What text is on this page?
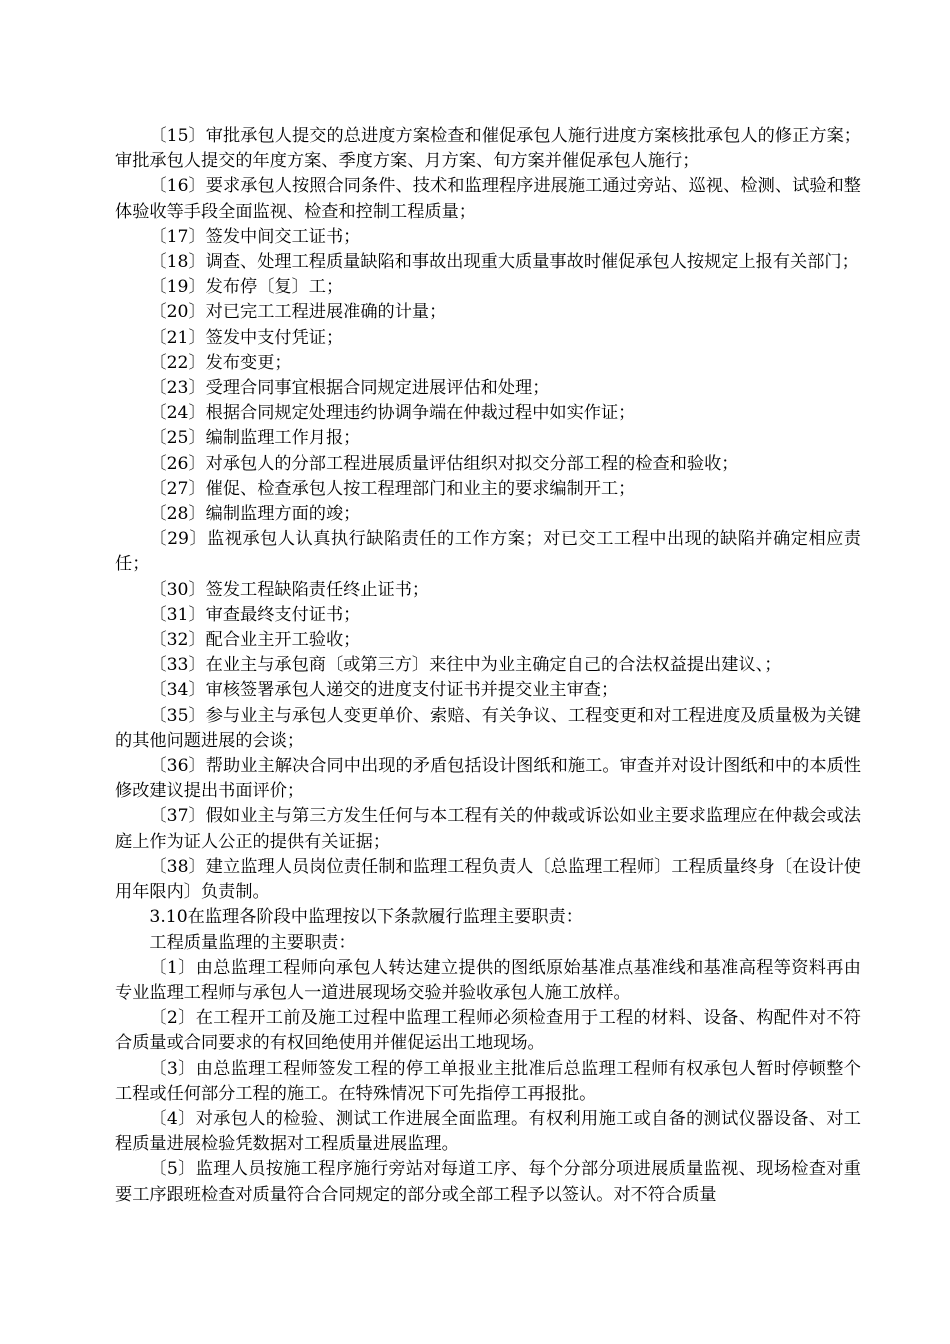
〔15〕审批承包人提交的总进度方案检查和催促承包人施行进度方案核批承包人的修正方案；审批承包人提交的年度方案、季度方案、月方案、旬方案并催促承包人施行；

〔16〕要求承包人按照合同条件、技术和监理程序进展施工通过旁站、巡视、检测、试验和整体验收等手段全面监视、检查和控制工程质量；

〔17〕签发中间交工证书；

〔18〕调查、处理工程质量缺陷和事故出现重大质量事故时催促承包人按规定上报有关部门；

〔19〕发布停〔复〕工；

〔20〕对已完工工程进展准确的计量；

〔21〕签发中支付凭证；

〔22〕发布变更；

〔23〕受理合同事宜根据合同规定进展评估和处理；

〔24〕根据合同规定处理违约协调争端在仲裁过程中如实作证；

〔25〕编制监理工作月报；

〔26〕对承包人的分部工程进展质量评估组织对拟交分部工程的检查和验收；

〔27〕催促、检查承包人按工程理部门和业主的要求编制开工；

〔28〕编制监理方面的竣；

〔29〕监视承包人认真执行缺陷责任的工作方案；对已交工工程中出现的缺陷并确定相应责任；

〔30〕签发工程缺陷责任终止证书；

〔31〕审查最终支付证书；

〔32〕配合业主开工验收；

〔33〕在业主与承包商〔或第三方〕来往中为业主确定自己的合法权益提出建议、；

〔34〕审核签署承包人递交的进度支付证书并提交业主审查；

〔35〕参与业主与承包人变更单价、索赔、有关争议、工程变更和对工程进度及质量极为关键的其他问题进展的会谈；

〔36〕帮助业主解决合同中出现的矛盾包括设计图纸和施工。审查并对设计图纸和中的本质性修改建议提出书面评价；

〔37〕假如业主与第三方发生任何与本工程有关的仲裁或诉讼如业主要求监理应在仲裁会或法庭上作为证人公正的提供有关证据；

〔38〕建立监理人员岗位责任制和监理工程负责人〔总监理工程师〕工程质量终身〔在设计使用年限内〕负责制。

3.10在监理各阶段中监理按以下条款履行监理主要职责：

工程质量监理的主要职责：

〔1〕由总监理工程师向承包人转达建立提供的图纸原始基准点基准线和基准高程等资料再由专业监理工程师与承包人一道进展现场交验并验收承包人施工放样。

〔2〕在工程开工前及施工过程中监理工程师必须检查用于工程的材料、设备、构配件对不符合质量或合同要求的有权回绝使用并催促运出工地现场。

〔3〕由总监理工程师签发工程的停工单报业主批准后总监理工程师有权承包人暂时停顿整个工程或任何部分工程的施工。在特殊情况下可先指停工再报批。

〔4〕对承包人的检验、测试工作进展全面监理。有权利用施工或自备的测试仪器设备、对工程质量进展检验凭数据对工程质量进展监理。

〔5〕监理人员按施工程序施行旁站对每道工序、每个分部分项进展质量监视、现场检查对重要工序跟班检查对质量符合合同规定的部分或全部工程予以签认。对不符合质量
